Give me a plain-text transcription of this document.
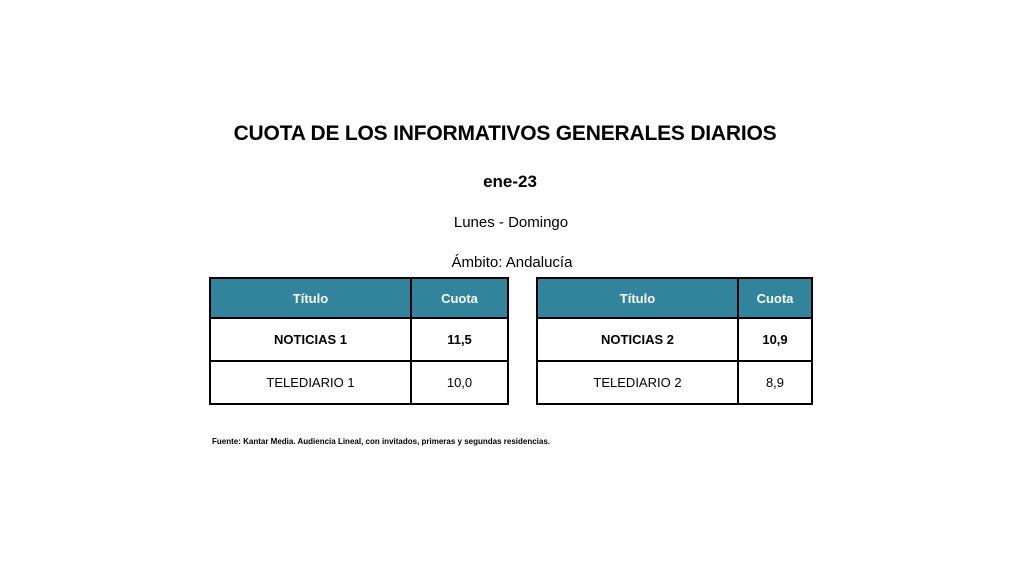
CUOTA DE LOS INFORMATIVOS GENERALES DIARIOS
ene-23
Lunes - Domingo
Ámbito: Andalucía
Título	Cuota
NOTICIAS 1	11,5
TELEDIARIO 1	10,0
Título	Cuota
NOTICIAS 2	10,9
TELEDIARIO 2	8,9
Fuente: Kantar Media. Audiencia Lineal, con invitados, primeras y segundas residencias.
